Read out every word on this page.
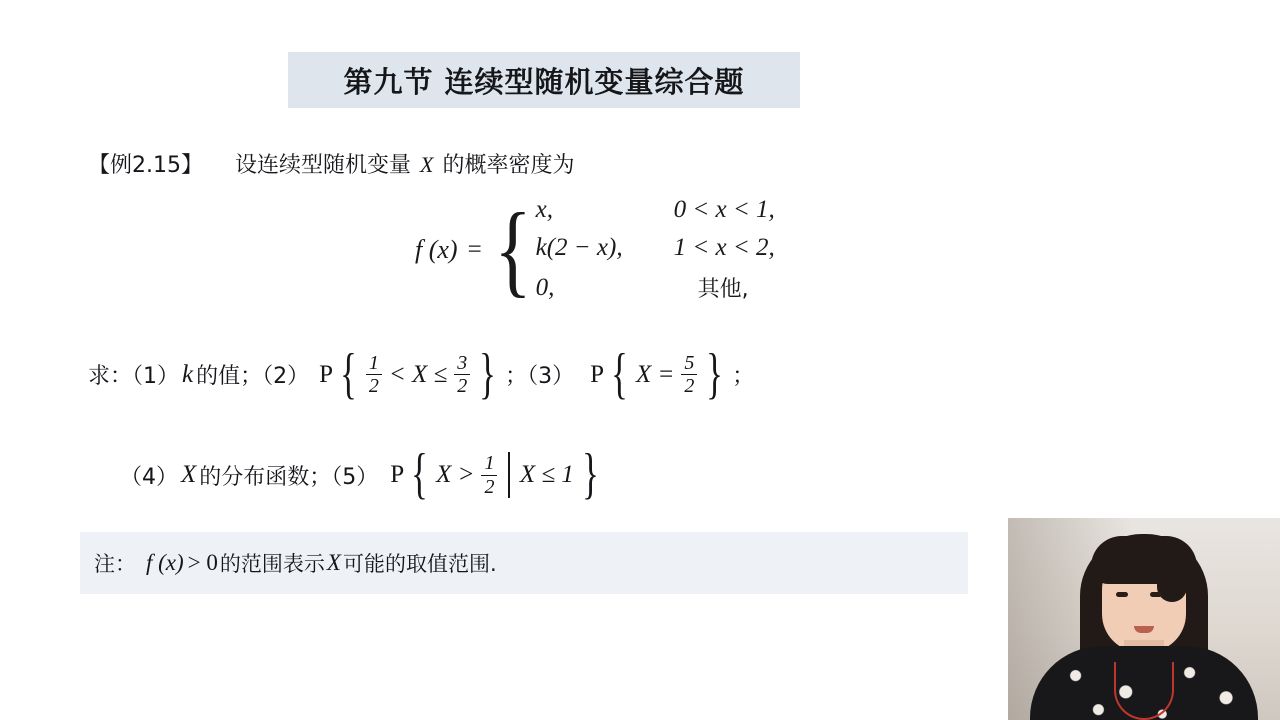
第九节 连续型随机变量综合题
【例2.15】 设连续型随机变量 X 的概率密度为
f (x) = { x,	0 < x < 1,
k(2 − x),	1 < x < 2,
0,	其他,
求：（1） k 的值；（2） P { $\frac{1}{2} < X \le \frac{3}{2}$ } ；（3） P { $X = \frac{5}{2}$ } ；
（4） X 的分布函数；（5） P { $X > \frac{1}{2}$ X ≤ 1 }
注： f (x) > 0 的范围表示 X 可能的取值范围.
